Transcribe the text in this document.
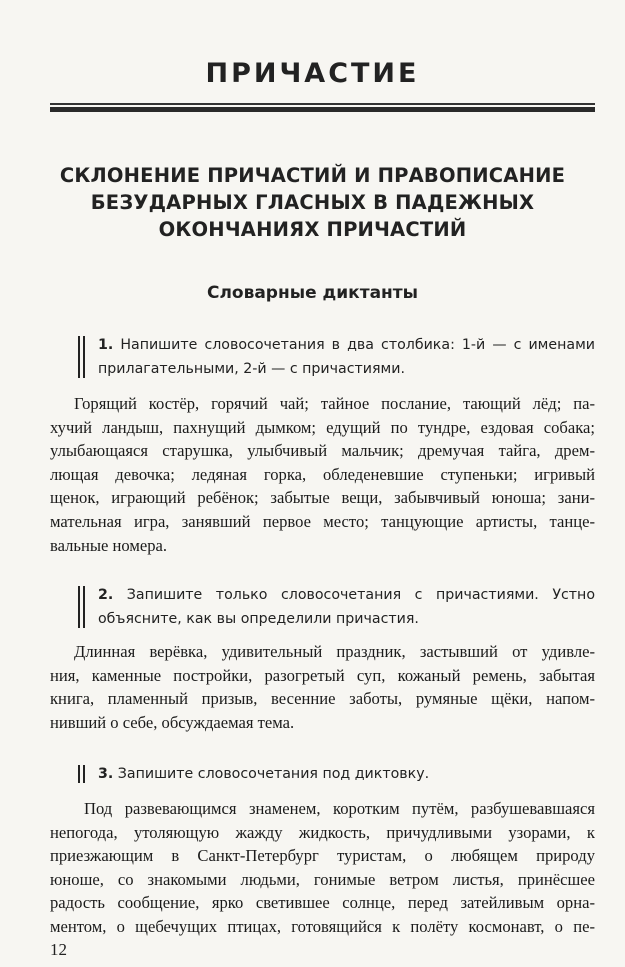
ПРИЧАСТИЕ
СКЛОНЕНИЕ ПРИЧАСТИЙ И ПРАВОПИСАНИЕ
БЕЗУДАРНЫХ ГЛАСНЫХ В ПАДЕЖНЫХ
ОКОНЧАНИЯХ ПРИЧАСТИЙ
Словарные диктанты

1. Напишите словосочетания в два столбика: 1-й — с именами

прилагательными, 2-й — с причастиями.

Горящий костёр, горячий чай; тайное послание, тающий лёд; па-
хучий ландыш, пахнущий дымком; едущий по тундре, ездовая собака;
улыбающаяся старушка, улыбчивый мальчик; дремучая тайга, дрем-
лющая девочка; ледяная горка, обледеневшие ступеньки; игривый
щенок, играющий ребёнок; забытые вещи, забывчивый юноша; зани-
мательная игра, занявший первое место; танцующие артисты, танце-
вальные номера.

2. Запишите только словосочетания с причастиями. Устно

объясните, как вы определили причастия.

Длинная верёвка, удивительный праздник, застывший от удивле-
ния, каменные постройки, разогретый суп, кожаный ремень, забытая
книга, пламенный призыв, весенние заботы, румяные щёки, напом-
нивший о себе, обсуждаемая тема.

3. Запишите словосочетания под диктовку.

Под развевающимся знаменем, коротким путём, разбушевавшаяся
непогода, утоляющую жажду жидкость, причудливыми узорами, к
приезжающим в Санкт-Петербург туристам, о любящем природу
юноше, со знакомыми людьми, гонимые ветром листья, принёсшее
радость сообщение, ярко светившее солнце, перед затейливым орна-
ментом, о щебечущих птицах, готовящийся к полёту космонавт, о пе-
12
